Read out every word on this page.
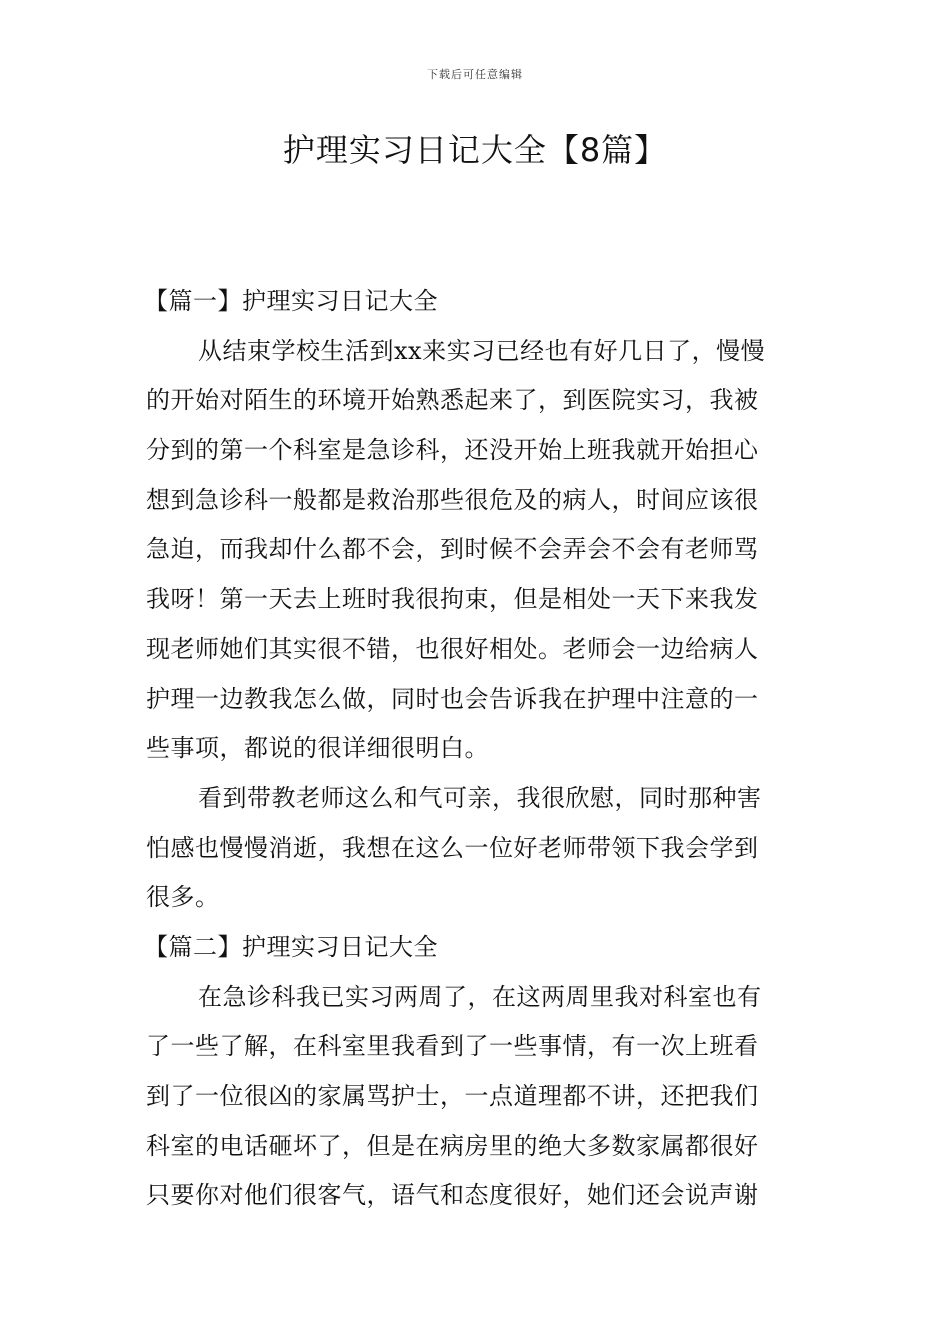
下载后可任意编辑
护理实习日记大全【8篇】
【篇一】护理实习日记大全
从结束学校生活到xx来实习已经也有好几日了，慢慢
的开始对陌生的环境开始熟悉起来了，到医院实习，我被
分到的第一个科室是急诊科，还没开始上班我就开始担心
想到急诊科一般都是救治那些很危及的病人，时间应该很
急迫，而我却什么都不会，到时候不会弄会不会有老师骂
我呀！第一天去上班时我很拘束，但是相处一天下来我发
现老师她们其实很不错，也很好相处。老师会一边给病人
护理一边教我怎么做，同时也会告诉我在护理中注意的一
些事项，都说的很详细很明白。
看到带教老师这么和气可亲，我很欣慰，同时那种害
怕感也慢慢消逝，我想在这么一位好老师带领下我会学到
很多。
【篇二】护理实习日记大全
在急诊科我已实习两周了，在这两周里我对科室也有
了一些了解，在科室里我看到了一些事情，有一次上班看
到了一位很凶的家属骂护士，一点道理都不讲，还把我们
科室的电话砸坏了，但是在病房里的绝大多数家属都很好
只要你对他们很客气，语气和态度很好，她们还会说声谢
